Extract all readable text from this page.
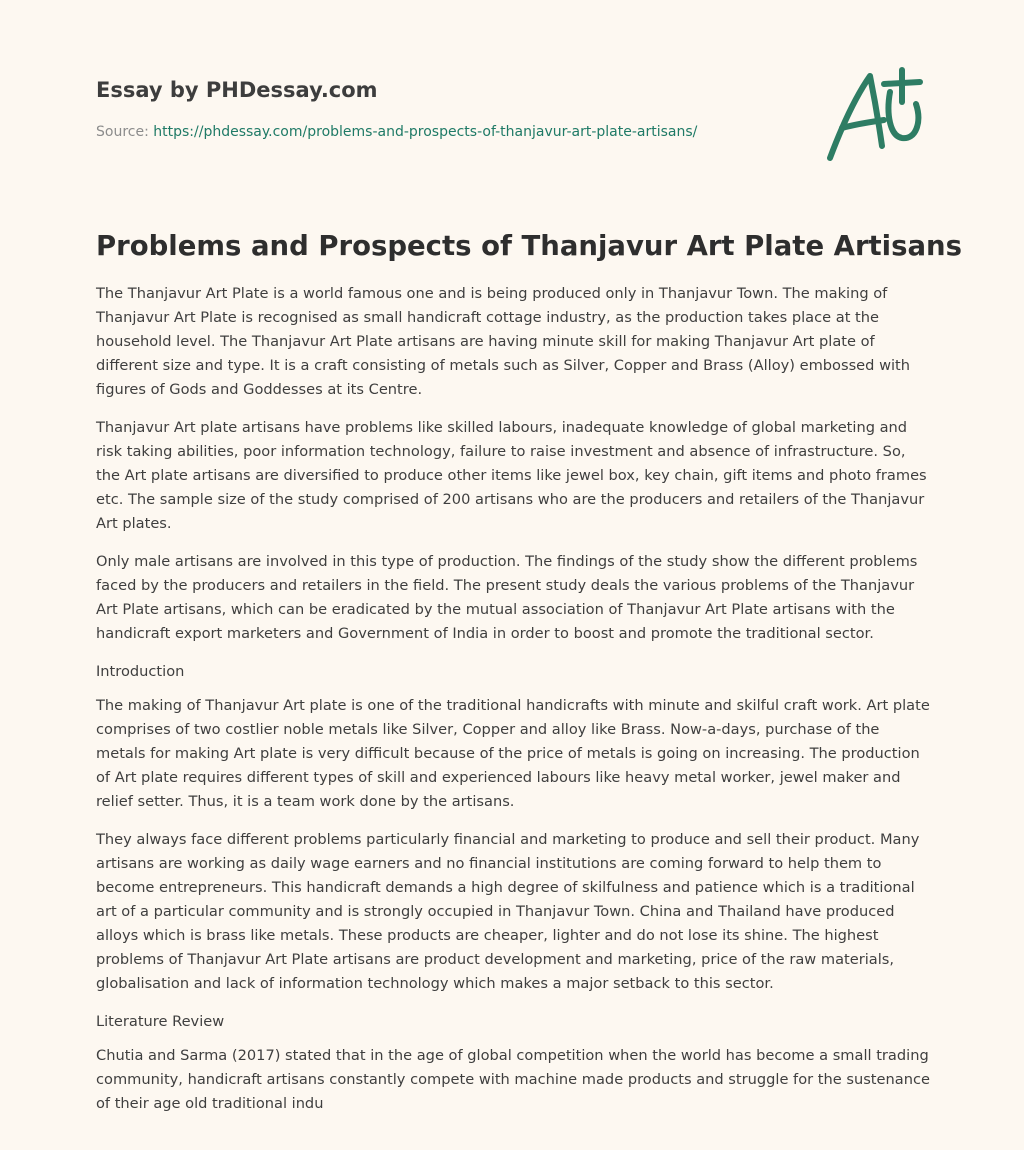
Essay by PHDessay.com
Source: https://phdessay.com/problems-and-prospects-of-thanjavur-art-plate-artisans/
Problems and Prospects of Thanjavur Art Plate Artisans

The Thanjavur Art Plate is a world famous one and is being produced only in Thanjavur Town. The making of Thanjavur Art Plate is recognised as small handicraft cottage industry, as the production takes place at the household level. The Thanjavur Art Plate artisans are having minute skill for making Thanjavur Art plate of different size and type. It is a craft consisting of metals such as Silver, Copper and Brass (Alloy) embossed with figures of Gods and Goddesses at its Centre.

Thanjavur Art plate artisans have problems like skilled labours, inadequate knowledge of global marketing and risk taking abilities, poor information technology, failure to raise investment and absence of infrastructure. So, the Art plate artisans are diversified to produce other items like jewel box, key chain, gift items and photo frames etc. The sample size of the study comprised of 200 artisans who are the producers and retailers of the Thanjavur Art plates.

Only male artisans are involved in this type of production. The findings of the study show the different problems faced by the producers and retailers in the field. The present study deals the various problems of the Thanjavur Art Plate artisans, which can be eradicated by the mutual association of Thanjavur Art Plate artisans with the handicraft export marketers and Government of India in order to boost and promote the traditional sector.

Introduction

The making of Thanjavur Art plate is one of the traditional handicrafts with minute and skilful craft work. Art plate comprises of two costlier noble metals like Silver, Copper and alloy like Brass. Now-a-days, purchase of the metals for making Art plate is very difficult because of the price of metals is going on increasing. The production of Art plate requires different types of skill and experienced labours like heavy metal worker, jewel maker and relief setter. Thus, it is a team work done by the artisans.

They always face different problems particularly financial and marketing to produce and sell their product. Many artisans are working as daily wage earners and no financial institutions are coming forward to help them to become entrepreneurs. This handicraft demands a high degree of skilfulness and patience which is a traditional art of a particular community and is strongly occupied in Thanjavur Town. China and Thailand have produced alloys which is brass like metals. These products are cheaper, lighter and do not lose its shine. The highest problems of Thanjavur Art Plate artisans are product development and marketing, price of the raw materials, globalisation and lack of information technology which makes a major setback to this sector.

Literature Review

Chutia and Sarma (2017) stated that in the age of global competition when the world has become a small trading community, handicraft artisans constantly compete with machine made products and struggle for the sustenance of their age old traditional indu
